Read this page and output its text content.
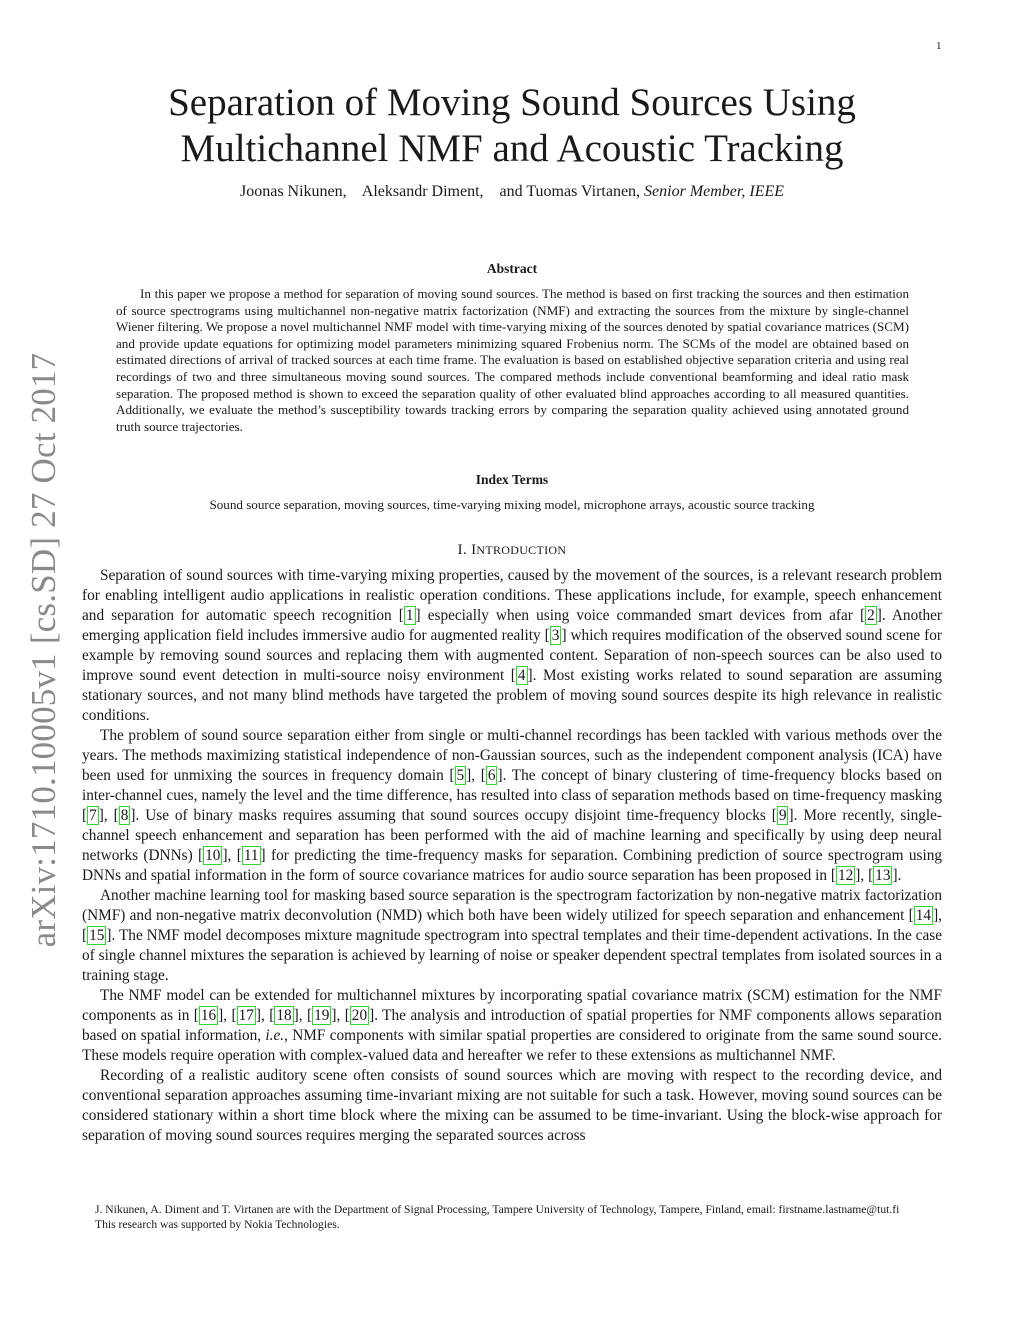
1
arXiv:1710.10005v1 [cs.SD] 27 Oct 2017
Separation of Moving Sound Sources Using
Multichannel NMF and Acoustic Tracking
Joonas Nikunen, Aleksandr Diment, and Tuomas Virtanen, Senior Member, IEEE
Abstract

In this paper we propose a method for separation of moving sound sources. The method is based on first tracking the sources and then estimation of source spectrograms using multichannel non-negative matrix factorization (NMF) and extracting the sources from the mixture by single-channel Wiener filtering. We propose a novel multichannel NMF model with time-varying mixing of the sources denoted by spatial covariance matrices (SCM) and provide update equations for optimizing model parameters minimizing squared Frobenius norm. The SCMs of the model are obtained based on estimated directions of arrival of tracked sources at each time frame. The evaluation is based on established objective separation criteria and using real recordings of two and three simultaneous moving sound sources. The compared methods include conventional beamforming and ideal ratio mask separation. The proposed method is shown to exceed the separation quality of other evaluated blind approaches according to all measured quantities. Additionally, we evaluate the method’s susceptibility towards tracking errors by comparing the separation quality achieved using annotated ground truth source trajectories.

Index Terms
Sound source separation, moving sources, time-varying mixing model, microphone arrays, acoustic source tracking
I. INTRODUCTION

Separation of sound sources with time-varying mixing properties, caused by the movement of the sources, is a relevant research problem for enabling intelligent audio applications in realistic operation conditions. These applications include, for example, speech enhancement and separation for automatic speech recognition [ 1 ] especially when using voice commanded smart devices from afar [ 2 ]. Another emerging application field includes immersive audio for augmented reality [ 3 ] which requires modification of the observed sound scene for example by removing sound sources and replacing them with augmented content. Separation of non-speech sources can be also used to improve sound event detection in multi-source noisy environment [ 4 ]. Most existing works related to sound separation are assuming stationary sources, and not many blind methods have targeted the problem of moving sound sources despite its high relevance in realistic conditions.

The problem of sound source separation either from single or multi-channel recordings has been tackled with various methods over the years. The methods maximizing statistical independence of non-Gaussian sources, such as the independent component analysis (ICA) have been used for unmixing the sources in frequency domain [ 5 ], [ 6 ]. The concept of binary clustering of time-frequency blocks based on inter-channel cues, namely the level and the time difference, has resulted into class of separation methods based on time-frequency masking [ 7 ], [ 8 ]. Use of binary masks requires assuming that sound sources occupy disjoint time-frequency blocks [ 9 ]. More recently, single-channel speech enhancement and separation has been performed with the aid of machine learning and specifically by using deep neural networks (DNNs) [ 10 ], [ 11 ] for predicting the time-frequency masks for separation. Combining prediction of source spectrogram using DNNs and spatial information in the form of source covariance matrices for audio source separation has been proposed in [ 12 ], [ 13 ].

Another machine learning tool for masking based source separation is the spectrogram factorization by non-negative matrix factorization (NMF) and non-negative matrix deconvolution (NMD) which both have been widely utilized for speech separation and enhancement [ 14 ], [ 15 ]. The NMF model decomposes mixture magnitude spectrogram into spectral templates and their time-dependent activations. In the case of single channel mixtures the separation is achieved by learning of noise or speaker dependent spectral templates from isolated sources in a training stage.

The NMF model can be extended for multichannel mixtures by incorporating spatial covariance matrix (SCM) estimation for the NMF components as in [ 16 ], [ 17 ], [ 18 ], [ 19 ], [ 20 ]. The analysis and introduction of spatial properties for NMF components allows separation based on spatial information, i.e., NMF components with similar spatial properties are considered to originate from the same sound source. These models require operation with complex-valued data and hereafter we refer to these extensions as multichannel NMF.

Recording of a realistic auditory scene often consists of sound sources which are moving with respect to the recording device, and conventional separation approaches assuming time-invariant mixing are not suitable for such a task. However, moving sound sources can be considered stationary within a short time block where the mixing can be assumed to be time-invariant. Using the block-wise approach for separation of moving sound sources requires merging the separated sources across

J. Nikunen, A. Diment and T. Virtanen are with the Department of Signal Processing, Tampere University of Technology, Tampere, Finland, email: firstname.lastname@tut.fi

This research was supported by Nokia Technologies.
